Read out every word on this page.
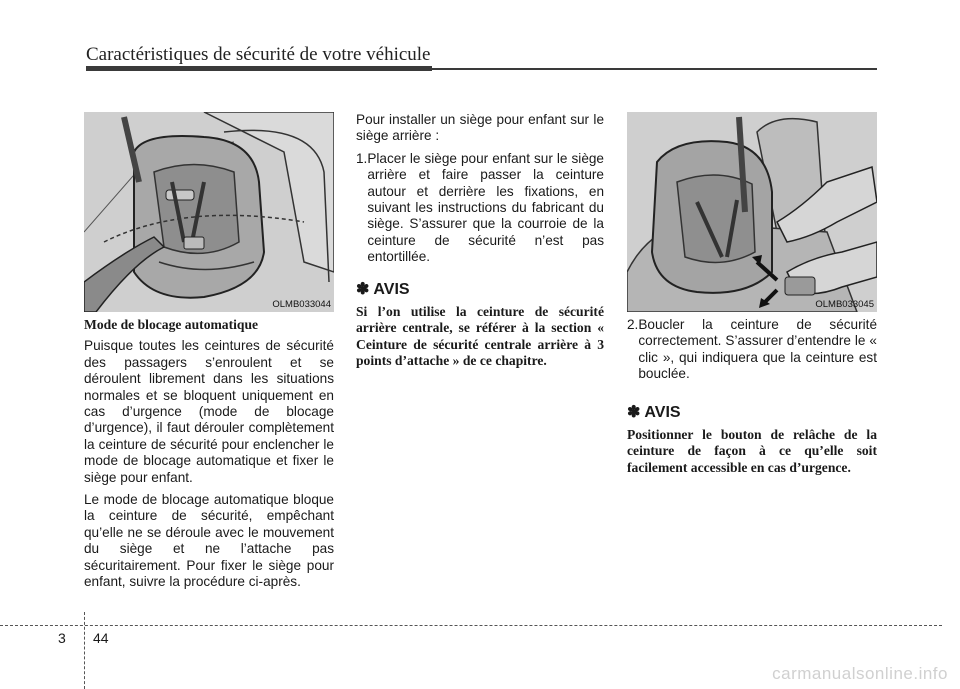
Caractéristiques de sécurité de votre véhicule
OLMB033044	OLMB033045
Mode de blocage automatique

Puisque toutes les ceintures de sécurité des passagers s’enroulent et se déroulent librement dans les situations normales et se bloquent uniquement en cas d’urgence (mode de blocage d’urgence), il faut dérouler complètement la ceinture de sécurité pour enclencher le mode de blocage automatique et fixer le siège pour enfant.

Le mode de blocage automatique bloque la ceinture de sécurité, empêchant qu’elle ne se déroule avec le mouvement du siège et ne l’attache pas sécuritairement. Pour fixer le siège pour enfant, suivre la procédure ci-après.

Pour installer un siège pour enfant sur le siège arrière :

1. Placer le siège pour enfant sur le siège arrière et faire passer la ceinture autour et derrière les fixations, en suivant les instructions du fabricant du siège. S’assurer que la courroie de la ceinture de sécurité n’est pas entortillée.
✽ AVIS

Si l’on utilise la ceinture de sécurité arrière centrale, se référer à la section « Ceinture de sécurité centrale arrière à 3 points d’attache » de ce chapitre.

2. Boucler la ceinture de sécurité correctement. S’assurer d’entendre le « clic », qui indiquera que la ceinture est bouclée.
✽ AVIS

Positionner le bouton de relâche de la ceinture de façon à ce qu’elle soit facilement accessible en cas d’urgence.

3 44
carmanualsonline.info
